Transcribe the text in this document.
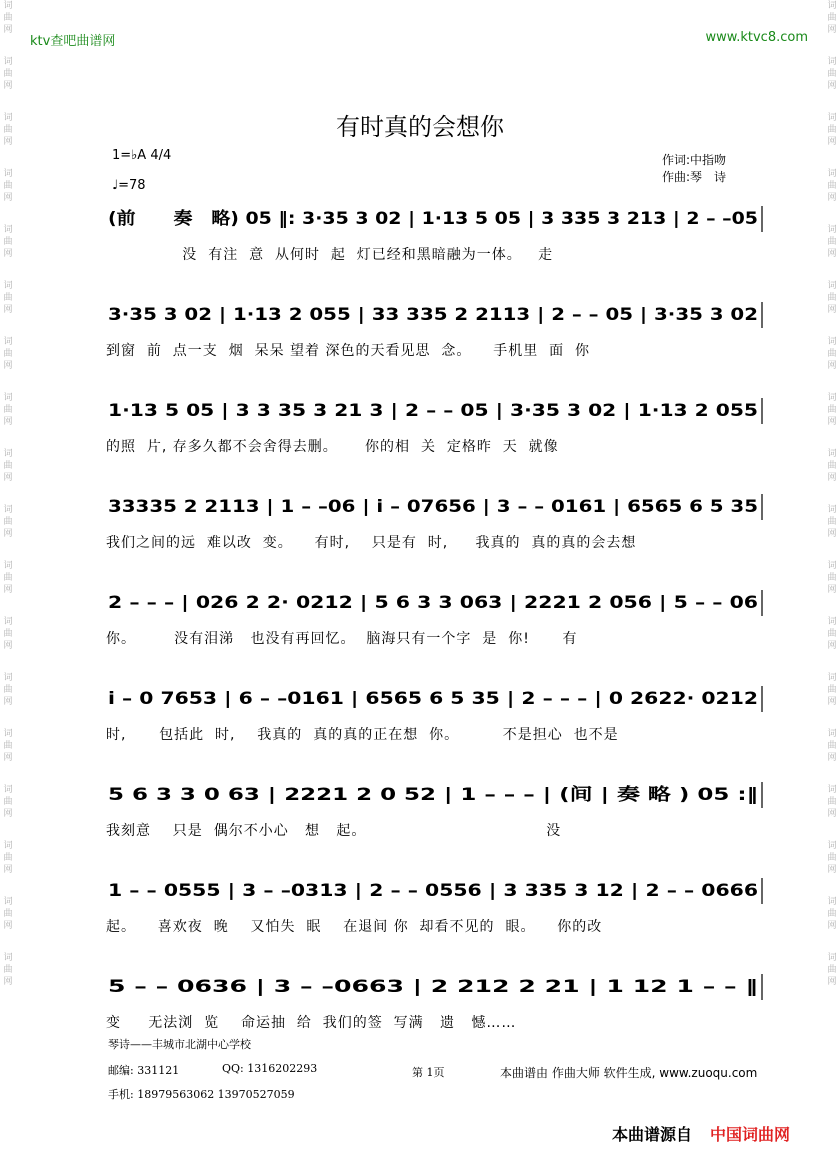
词曲网
词曲网
词曲网
词曲网
词曲网
词曲网
词曲网
词曲网
词曲网
词曲网
词曲网
词曲网
词曲网
词曲网
词曲网
词曲网
词曲网
词曲网
词曲网
词曲网
词曲网
词曲网
词曲网
词曲网
词曲网
词曲网
词曲网
词曲网
词曲网
词曲网
词曲网
词曲网
词曲网
词曲网
词曲网
词曲网
ktv查吧曲谱网	www.ktvc8.com
有时真的会想你
1=♭A 4/4
♩=78
作词:中指吻
作曲:琴　诗
(前　　奏　略) 05 ‖: 3·35 3 02 | 1·13 5 05 | 3 335 3 213 | 2 – –05
没  有注  意  从何时  起  灯已经和黑暗融为一体。   走
3·35 3 02 | 1·13 2 055 | 33 335 2 2113 | 2 – – 05 | 3·35 3 02
到窗  前  点一支  烟  呆呆 望着 深色的天看见思  念。    手机里  面  你
1·13 5 05 | 3 3 35 3 21 3 | 2 – – 05 | 3·35 3 02 | 1·13 2 055
的照  片, 存多久都不会舍得去删。     你的相  关  定格昨  天  就像
33335 2 2113 | 1 – –06 | i – 07656 | 3 – – 0161 | 6565 6 5 35
我们之间的远  难以改  变。    有时,    只是有  时,     我真的  真的真的会去想
2 – – – | 026 2 2· 0212 | 5 6 3 3 063 | 2221 2 056 | 5 – – 06
你。       没有泪涕   也没有再回忆。  脑海只有一个字  是  你!      有
i – 0 7653 | 6 – –0161 | 6565 6 5 35 | 2 – – – | 0 2622· 0212
时,      包括此  时,    我真的  真的真的正在想  你。        不是担心  也不是
5 6 3 3 0 63 | 2221 2 0 52 | 1 – – – | (间 | 奏 略 ) 05 :‖
我刻意    只是  偶尔不小心   想   起。                                 没
1 – – 0555 | 3 – –0313 | 2 – – 0556 | 3 335 3 12 | 2 – – 0666
起。    喜欢夜  晚    又怕失  眠    在退间 你  却看不见的  眼。    你的改
5 – – 0636 | 3 – –0663 | 2 212 2 21 | 1 12 1 – – ‖
变     无法浏  览    命运抽  给  我们的签  写满   遗   憾……
琴诗——丰城市北湖中心学校
邮编: 331121	QQ: 1316202293
手机: 18979563062 13970527059
第 1页	本曲谱由 作曲大师 软件生成, www.zuoqu.com
本曲谱源自 中国词曲网
